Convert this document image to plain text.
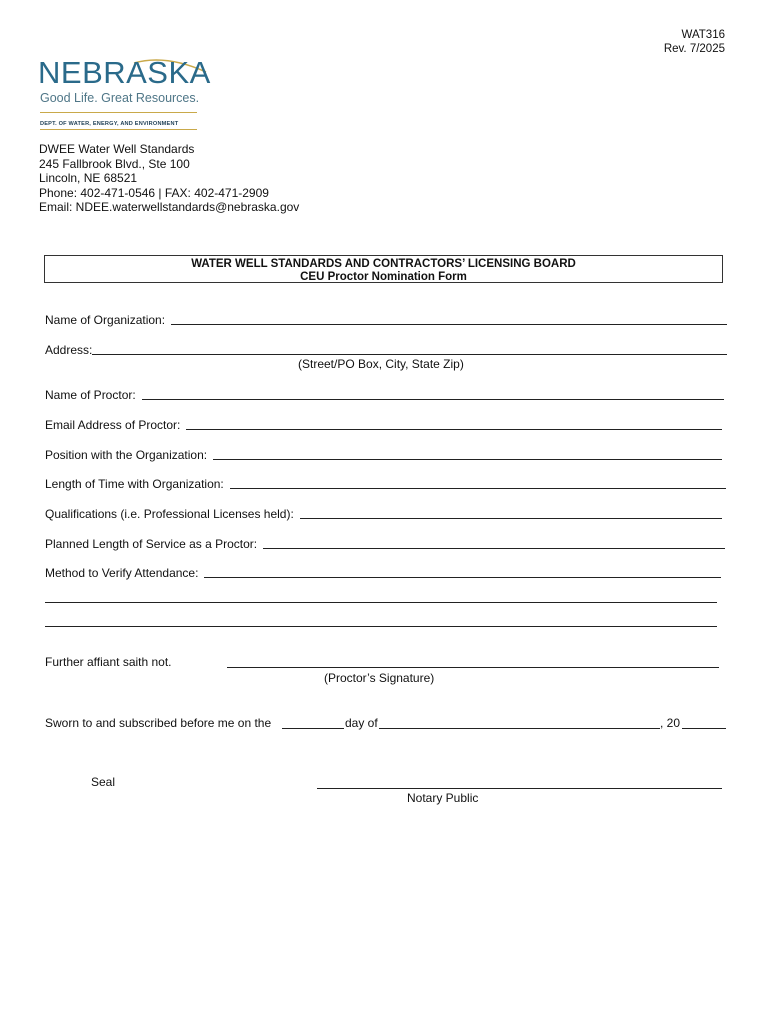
WAT316
Rev. 7/2025
NEBRASKA
Good Life. Great Resources.
DEPT. OF WATER, ENERGY, AND ENVIRONMENT
DWEE Water Well Standards
245 Fallbrook Blvd., Ste 100
Lincoln, NE 68521
Phone: 402-471-0546 | FAX: 402-471-2909
Email: NDEE.waterwellstandards@nebraska.gov
WATER WELL STANDARDS AND CONTRACTORS’ LICENSING BOARD
CEU Proctor Nomination Form
Name of Organization:
Address:
(Street/PO Box, City, State Zip)
Name of Proctor:
Email Address of Proctor:
Position with the Organization:
Length of Time with Organization:
Qualifications (i.e. Professional Licenses held):
Planned Length of Service as a Proctor:
Method to Verify Attendance:
Further affiant saith not.
(Proctor’s Signature)
Sworn to and subscribed before me on the	day of	, 20
Seal
Notary Public
